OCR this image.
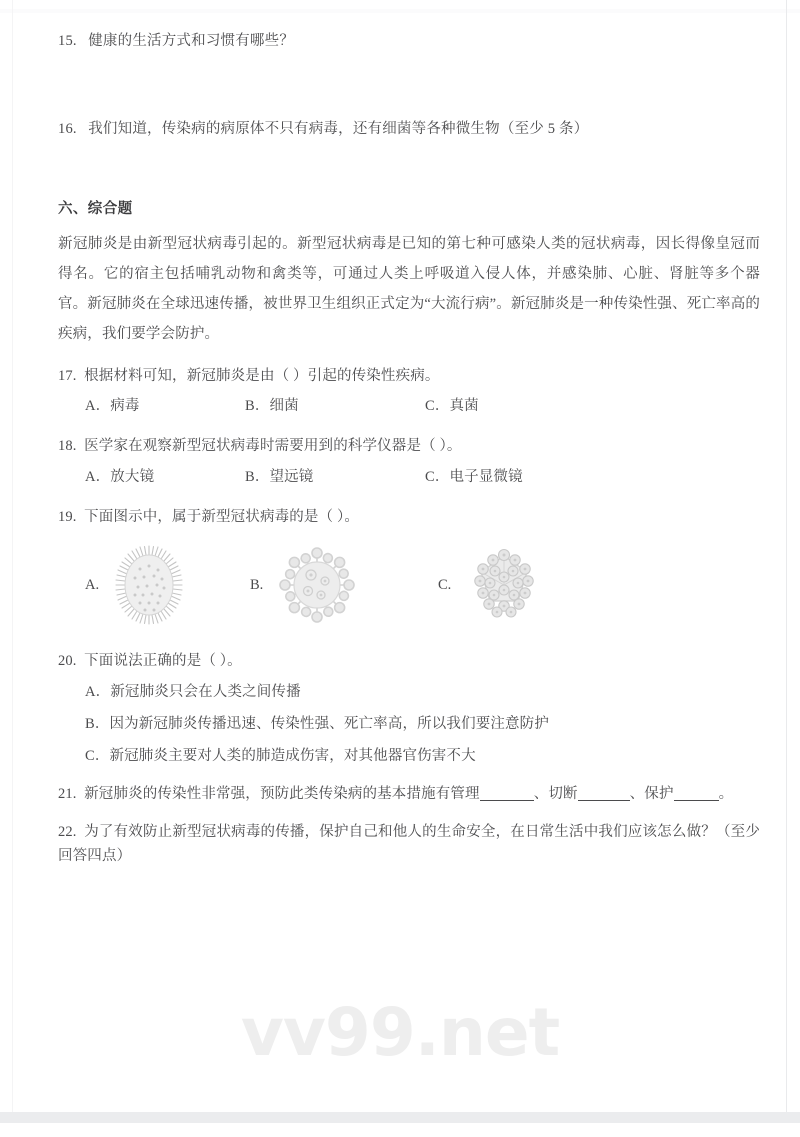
15. 健康的生活方式和习惯有哪些？
16. 我们知道，传染病的病原体不只有病毒，还有细菌等各种微生物（至少 5 条）
六、综合题
新冠肺炎是由新型冠状病毒引起的。新型冠状病毒是已知的第七种可感染人类的冠状病毒，因长得像皇冠而得名。它的宿主包括哺乳动物和禽类等，可通过人类上呼吸道入侵人体，并感染肺、心脏、肾脏等多个器官。新冠肺炎在全球迅速传播，被世界卫生组织正式定为“大流行病”。新冠肺炎是一种传染性强、死亡率高的疾病，我们要学会防护。
17. 根据材料可知，新冠肺炎是由（ ）引起的传染性疾病。
A．病毒	B．细菌	C．真菌
18. 医学家在观察新型冠状病毒时需要用到的科学仪器是（ ）。
A．放大镜	B．望远镜	C．电子显微镜
19. 下面图示中，属于新型冠状病毒的是（ ）。
A.	B.	C.
20. 下面说法正确的是（ ）。
A．新冠肺炎只会在人类之间传播
B．因为新冠肺炎传播迅速、传染性强、死亡率高，所以我们要注意防护
C．新冠肺炎主要对人类的肺造成伤害，对其他器官伤害不大
21. 新冠肺炎的传染性非常强，预防此类传染病的基本措施有管理	、切断	、保护	。
22. 为了有效防止新型冠状病毒的传播，保护自己和他人的生命安全，在日常生活中我们应该怎么做？（至少回答四点）
vv99.net
